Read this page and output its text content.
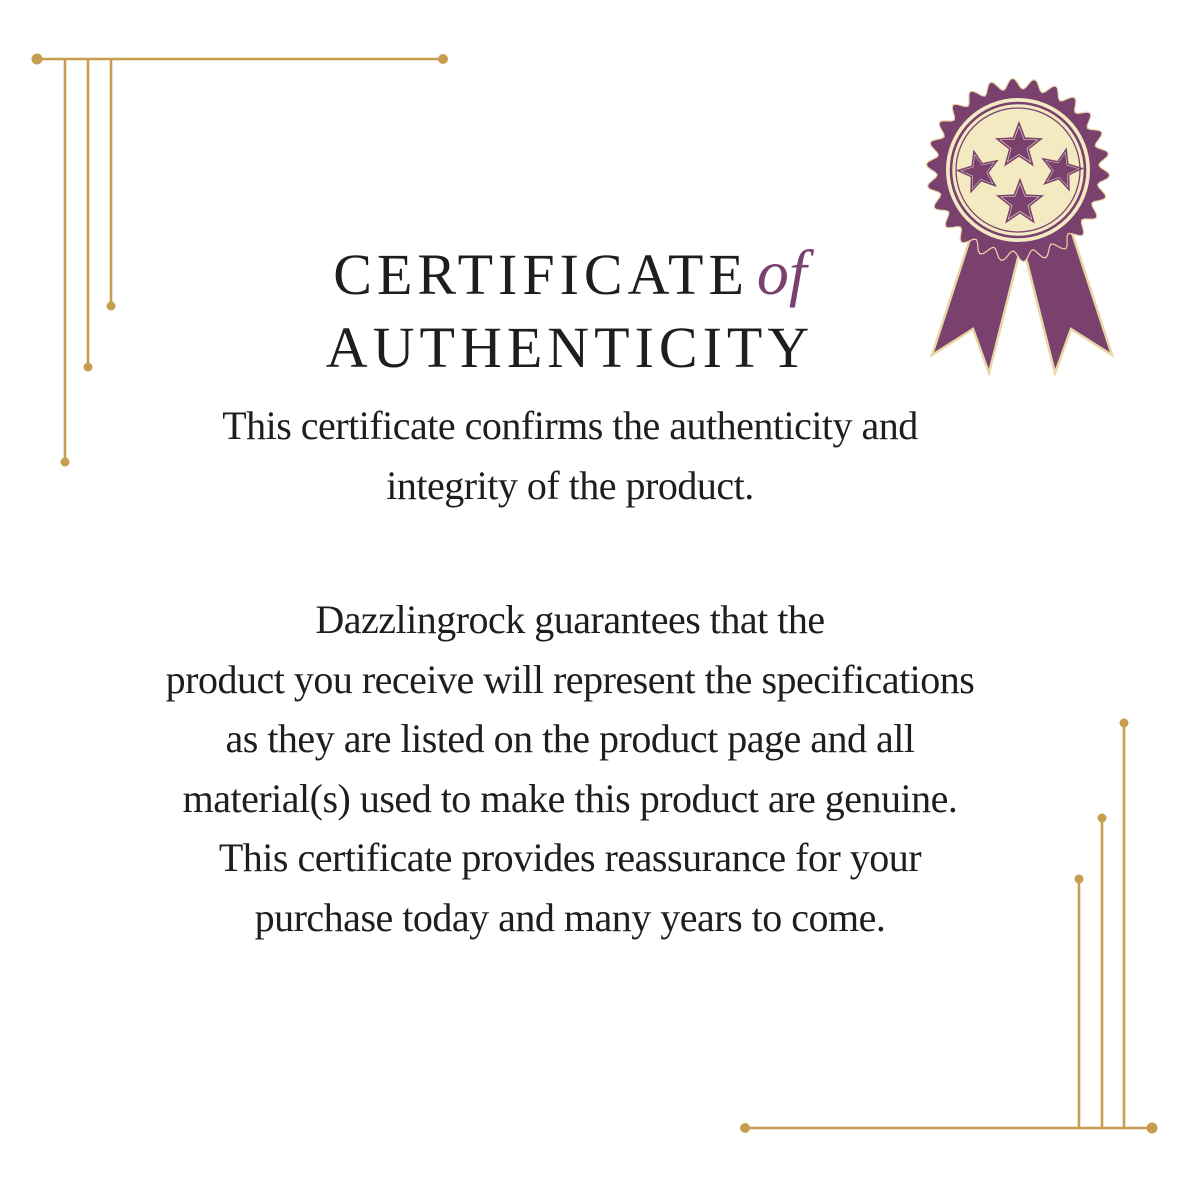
CERTIFICATE of
AUTHENTICITY

This certificate confirms the authenticity and
integrity of the product.

Dazzlingrock guarantees that the
product you receive will represent the specifications
as they are listed on the product page and all
material(s) used to make this product are genuine.
This certificate provides reassurance for your
purchase today and many years to come.
